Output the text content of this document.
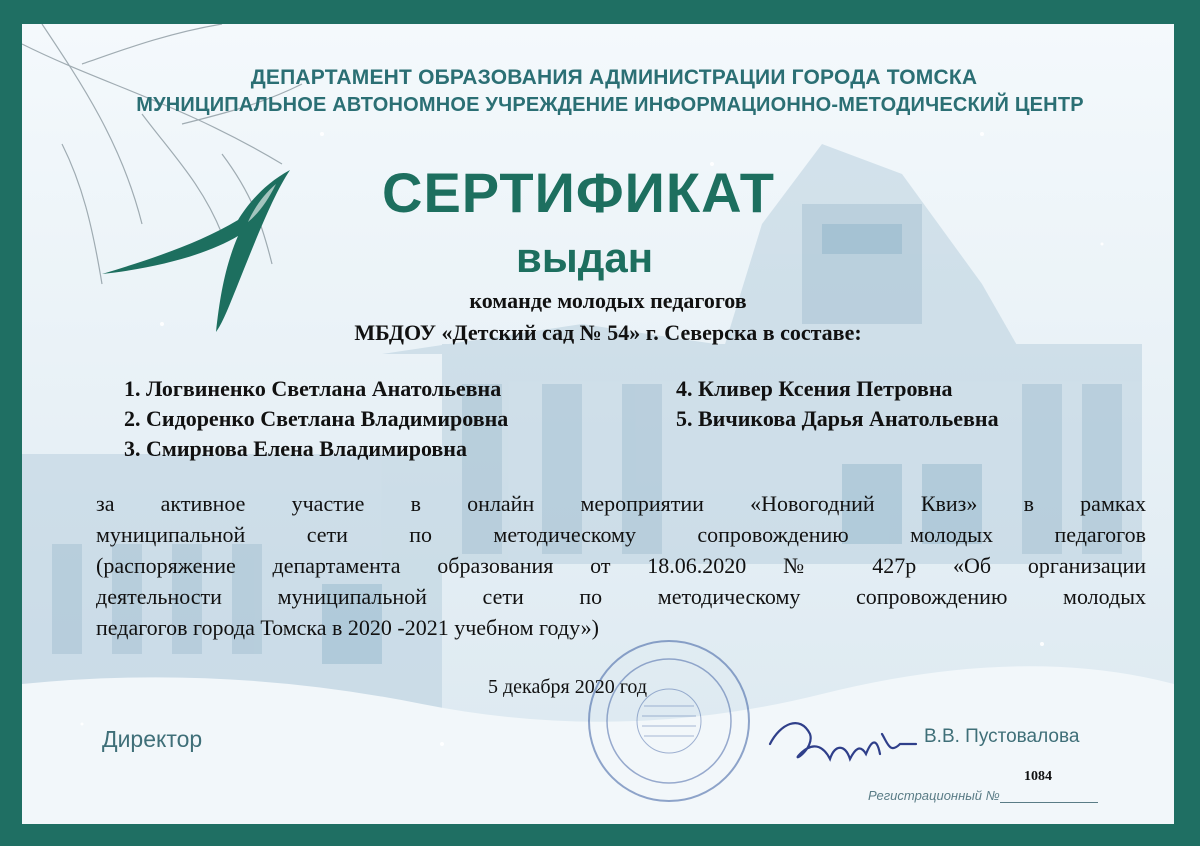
ДЕПАРТАМЕНТ ОБРАЗОВАНИЯ АДМИНИСТРАЦИИ ГОРОДА ТОМСКА
МУНИЦИПАЛЬНОЕ АВТОНОМНОЕ УЧРЕЖДЕНИЕ ИНФОРМАЦИОННО-МЕТОДИЧЕСКИЙ ЦЕНТР
СЕРТИФИКАТ
выдан
команде молодых педагогов
МБДОУ «Детский сад № 54» г. Северска в составе:
1. Логвиненко Светлана Анатольевна
2. Сидоренко Светлана Владимировна
3. Смирнова Елена Владимировна
4. Кливер Ксения Петровна
5. Вичикова Дарья Анатольевна
за активное участие в онлайн мероприятии «Новогодний Квиз» в рамках
муниципальной сети по методическому сопровождению молодых педагогов
(распоряжение департамента образования от 18.06.2020 № 427р «Об организации
деятельности муниципальной сети по методическому сопровождению молодых
педагогов города Томска в 2020 -2021 учебном году»)
5 декабря 2020 год
Директор	В.В. Пустовалова
Регистрационный №
1084
